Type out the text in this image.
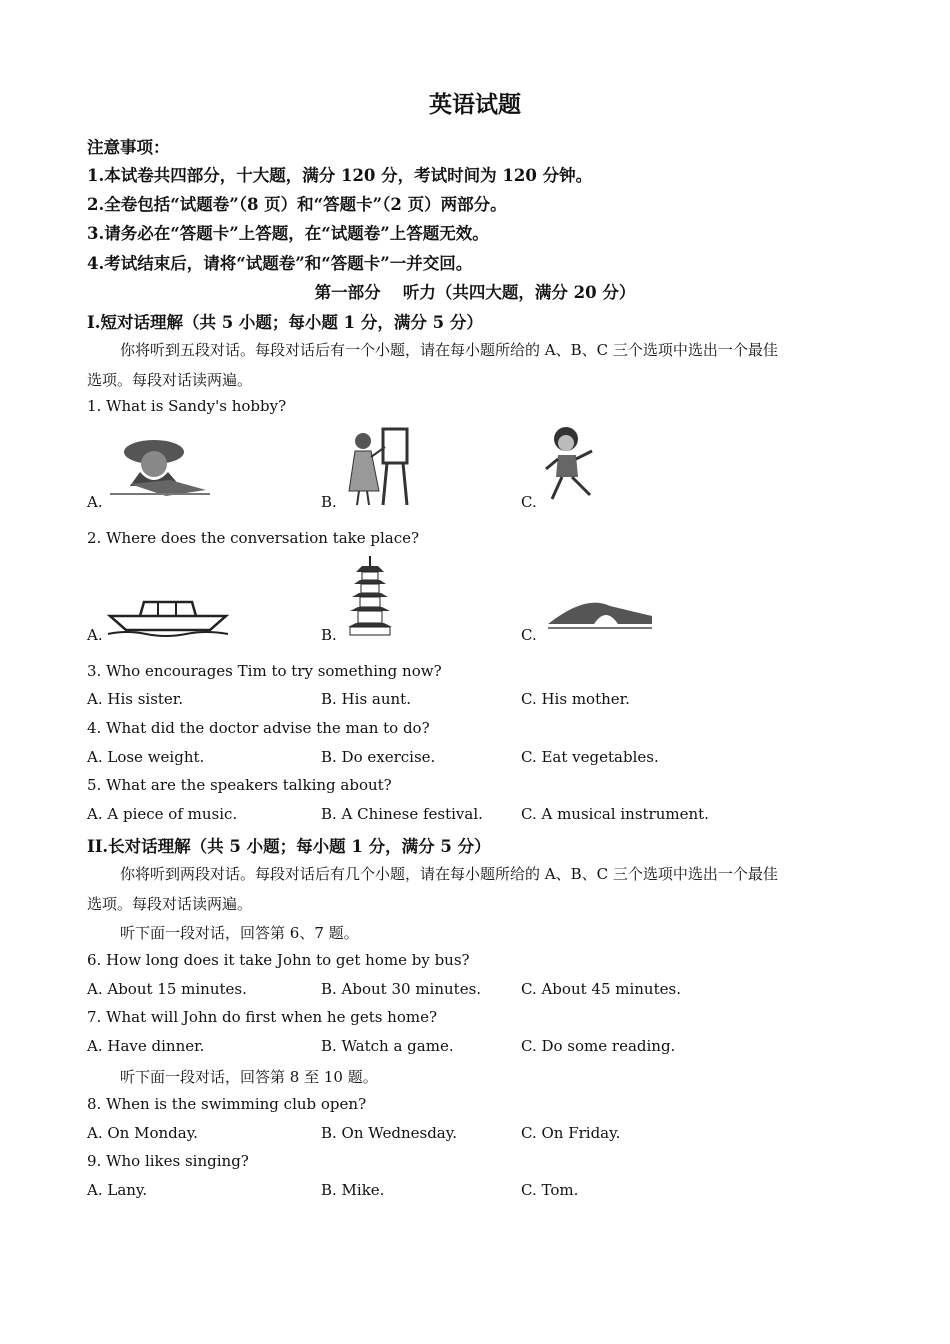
英语试题
注意事项：
1.本试卷共四部分，十大题，满分 120 分，考试时间为 120 分钟。
2.全卷包括“试题卷”（8 页）和“答题卡”（2 页）两部分。
3.请务必在“答题卡”上答题，在“试题卷”上答题无效。
4.考试结束后，请将“试题卷”和“答题卡”一并交回。
第一部分　 听力（共四大题，满分 20 分）
I.短对话理解（共 5 小题；每小题 1 分，满分 5 分）
你将听到五段对话。每段对话后有一个小题，请在每小题所给的 A、B、C 三个选项中选出一个最佳
选项。每段对话读两遍。
1. What is Sandy's hobby?
A.	B.	C.
2. Where does the conversation take place?
A.	B.	C.
3. Who encourages Tim to try something now?
A. His sister.	B. His aunt.	C. His mother.
4. What did the doctor advise the man to do?
A. Lose weight.	B. Do exercise.	C. Eat vegetables.
5. What are the speakers talking about?
A. A piece of music.	B. A Chinese festival.	C. A musical instrument.
II.长对话理解（共 5 小题；每小题 1 分，满分 5 分）
你将听到两段对话。每段对话后有几个小题，请在每小题所给的 A、B、C 三个选项中选出一个最佳
选项。每段对话读两遍。
听下面一段对话，回答第 6、7 题。
6. How long does it take John to get home by bus?
A. About 15 minutes.	B. About 30 minutes.	C. About 45 minutes.
7. What will John do first when he gets home?
A. Have dinner.	B. Watch a game.	C. Do some reading.
听下面一段对话，回答第 8 至 10 题。
8. When is the swimming club open?
A. On Monday.	B. On Wednesday.	C. On Friday.
9. Who likes singing?
A. Lany.	B. Mike.	C. Tom.
